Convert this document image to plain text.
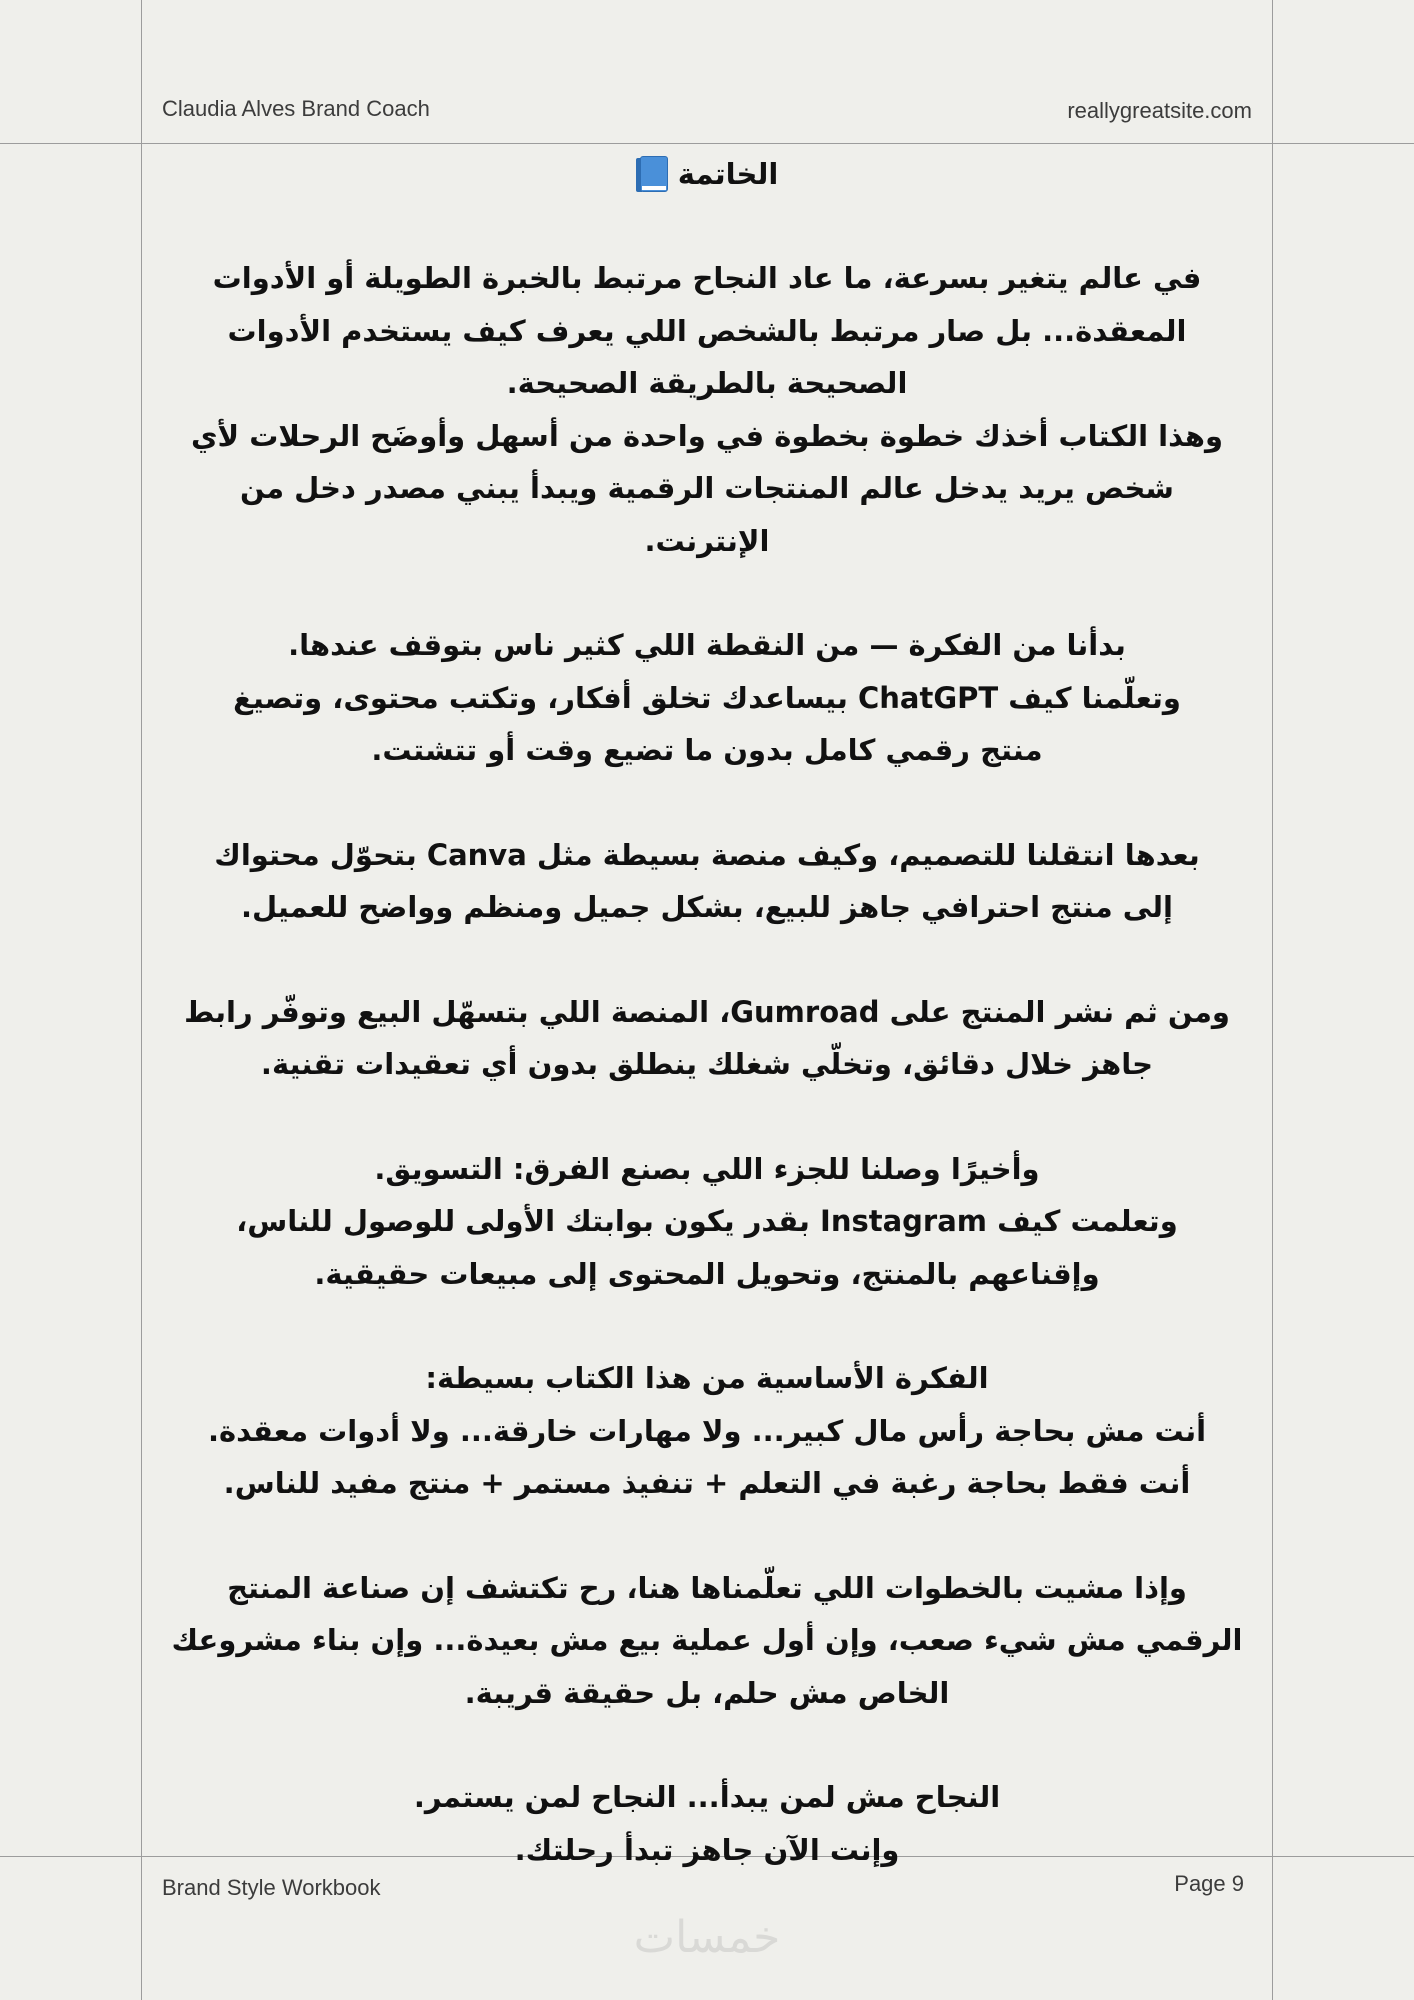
Claudia Alves Brand Coach	reallygreatsite.com
الخاتمة

في عالم يتغير بسرعة، ما عاد النجاح مرتبط بالخبرة الطويلة أو الأدوات

المعقدة... بل صار مرتبط بالشخص اللي يعرف كيف يستخدم الأدوات

الصحيحة بالطريقة الصحيحة.

وهذا الكتاب أخذك خطوة بخطوة في واحدة من أسهل وأوضَح الرحلات لأي

شخص يريد يدخل عالم المنتجات الرقمية ويبدأ يبني مصدر دخل من

الإنترنت.

بدأنا من الفكرة — من النقطة اللي كثير ناس بتوقف عندها.

وتعلّمنا كيف ChatGPT بيساعدك تخلق أفكار، وتكتب محتوى، وتصيغ

منتج رقمي كامل بدون ما تضيع وقت أو تتشتت.

بعدها انتقلنا للتصميم، وكيف منصة بسيطة مثل Canva بتحوّل محتواك

إلى منتج احترافي جاهز للبيع، بشكل جميل ومنظم وواضح للعميل.

ومن ثم نشر المنتج على Gumroad، المنصة اللي بتسهّل البيع وتوفّر رابط

جاهز خلال دقائق، وتخلّي شغلك ينطلق بدون أي تعقيدات تقنية.

وأخيرًا وصلنا للجزء اللي بصنع الفرق: التسويق.

وتعلمت كيف Instagram بقدر يكون بوابتك الأولى للوصول للناس،

وإقناعهم بالمنتج، وتحويل المحتوى إلى مبيعات حقيقية.

الفكرة الأساسية من هذا الكتاب بسيطة:

أنت مش بحاجة رأس مال كبير... ولا مهارات خارقة... ولا أدوات معقدة.

أنت فقط بحاجة رغبة في التعلم + تنفيذ مستمر + منتج مفيد للناس.

وإذا مشيت بالخطوات اللي تعلّمناها هنا، رح تكتشف إن صناعة المنتج

الرقمي مش شيء صعب، وإن أول عملية بيع مش بعيدة... وإن بناء مشروعك

الخاص مش حلم، بل حقيقة قريبة.

النجاح مش لمن يبدأ... النجاح لمن يستمر.

وإنت الآن جاهز تبدأ رحلتك.

Brand Style Workbook	Page 9
خمسات
